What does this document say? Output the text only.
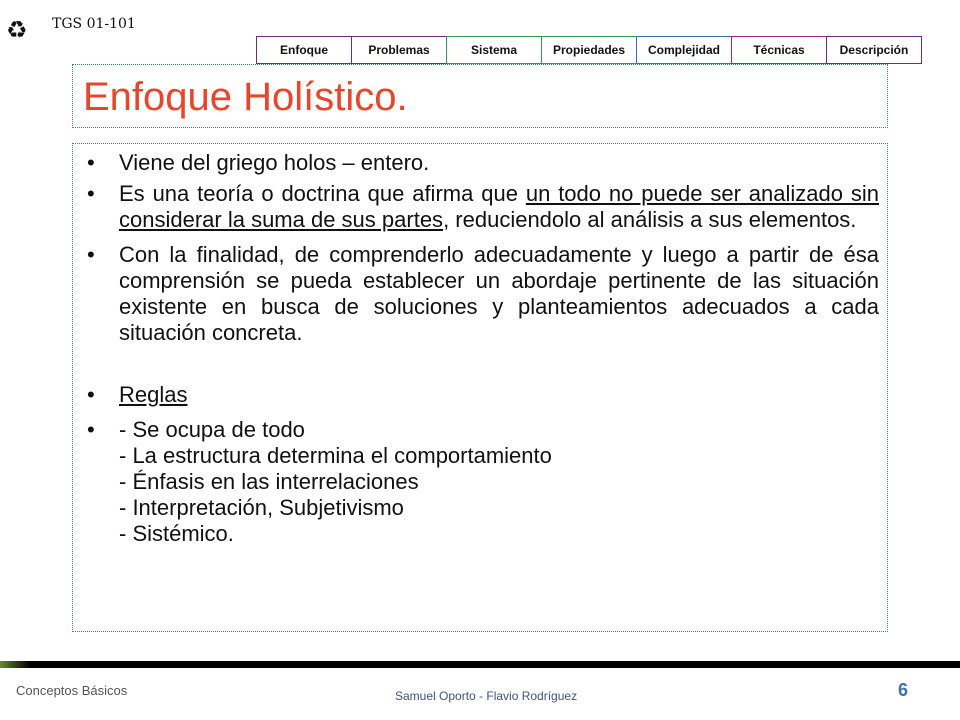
♻	TGS 01-101
Enfoque	Problemas	Sistema	Propiedades	Complejidad	Técnicas	Descripción
Enfoque Holístico.
• Viene del griego holos – entero.
• Es una teoría o doctrina que afirma que un todo no puede ser analizado sin considerar la suma de sus partes, reduciendolo al análisis a sus elementos.
• Con la finalidad, de comprenderlo adecuadamente y luego a partir de ésa comprensión se pueda establecer un abordaje pertinente de las situación existente en busca de soluciones y planteamientos adecuados a cada situación concreta.
• Reglas
• - Se ocupa de todo
- La estructura determina el comportamiento
- Énfasis en las interrelaciones
- Interpretación, Subjetivismo
- Sistémico.
Conceptos Básicos	Samuel Oporto - Flavio Rodríguez	6
